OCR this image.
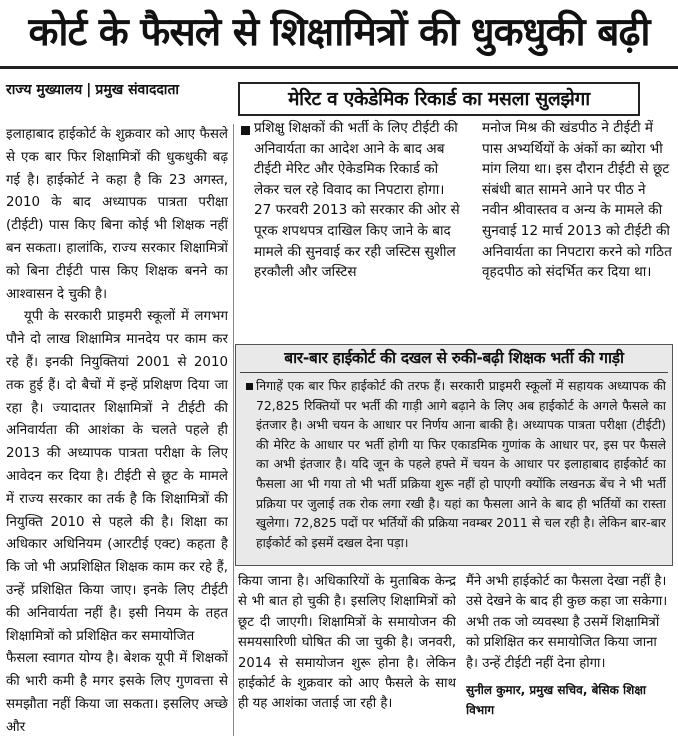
कोर्ट के फैसले से शिक्षामित्रों की धुकधुकी बढ़ी
राज्य मुख्यालय | प्रमुख संवाददाता	मेरिट व एकेडेमिक रिकार्ड का मसला सुलझेगा

इलाहाबाद हाईकोर्ट के शुक्रवार को आए फैसले से एक बार फिर शिक्षामित्रों की धुकधुकी बढ़ गई है। हाईकोर्ट ने कहा है कि 23 अगस्त, 2010 के बाद अध्यापक पात्रता परीक्षा (टीईटी) पास किए बिना कोई भी शिक्षक नहीं बन सकता। हालांकि, राज्य सरकार शिक्षामित्रों को बिना टीईटी पास किए शिक्षक बनने का आश्वासन दे चुकी है।

यूपी के सरकारी प्राइमरी स्कूलों में लगभग पौने दो लाख शिक्षामित्र मानदेय पर काम कर रहे हैं। इनकी नियुक्तियां 2001 से 2010 तक हुई हैं। दो बैचों में इन्हें प्रशिक्षण दिया जा रहा है। ज्यादातर शिक्षामित्रों ने टीईटी की अनिवार्यता की आशंका के चलते पहले ही 2013 की अध्यापक पात्रता परीक्षा के लिए आवेदन कर दिया है। टीईटी से छूट के मामले में राज्य सरकार का तर्क है कि शिक्षामित्रों की नियुक्ति 2010 से पहले की है। शिक्षा का अधिकार अधिनियम (आरटीई एक्ट) कहता है कि जो भी अप्रशिक्षित शिक्षक काम कर रहे हैं, उन्हें प्रशिक्षित किया जाए। इनके लिए टीईटी की अनिवार्यता नहीं है। इसी नियम के तहत शिक्षामित्रों को प्रशिक्षित कर समायोजित

फैसला स्वागत योग्य है। बेशक यूपी में शिक्षकों की भारी कमी है मगर इसके लिए गुणवत्ता से समझौता नहीं किया जा सकता। इसलिए अच्छे और

प्रशिक्षु शिक्षकों की भर्ती के लिए टीईटी की अनिवार्यता का आदेश आने के बाद अब टीईटी मेरिट और ऐकेडमिक रिकार्ड को लेकर चल रहे विवाद का निपटारा होगा। 27 फरवरी 2013 को सरकार की ओर से पूरक शपथपत्र दाखिल किए जाने के बाद मामले की सुनवाई कर रही जस्टिस सुशील हरकौली और जस्टिस
मनोज मिश्र की खंडपीठ ने टीईटी में पास अभ्यर्थियों के अंकों का ब्योरा भी मांग लिया था। इस दौरान टीईटी से छूट संबंधी बात सामने आने पर पीठ ने नवीन श्रीवास्तव व अन्य के मामले की सुनवाई 12 मार्च 2013 को टीईटी की अनिवार्यता का निपटारा करने को गठित वृहदपीठ को संदर्भित कर दिया था।
बार-बार हाईकोर्ट की दखल से रुकी-बढ़ी शिक्षक भर्ती की गाड़ी
निगाहें एक बार फिर हाईकोर्ट की तरफ हैं। सरकारी प्राइमरी स्कूलों में सहायक अध्यापक की 72,825 रिक्तियों पर भर्ती की गाड़ी आगे बढ़ाने के लिए अब हाईकोर्ट के अगले फैसले का इंतजार है। अभी चयन के आधार पर निर्णय आना बाकी है। अध्यापक पात्रता परीक्षा (टीईटी) की मेरिट के आधार पर भर्ती होगी या फिर एकाडमिक गुणांक के आधार पर, इस पर फैसले का अभी इंतजार है। यदि जून के पहले हफ्ते में चयन के आधार पर इलाहाबाद हाईकोर्ट का फैसला आ भी गया तो भी भर्ती प्रक्रिया शुरू नहीं हो पाएगी क्योंकि लखनऊ बेंच ने भी भर्ती प्रक्रिया पर जुलाई तक रोक लगा रखी है। यहां का फैसला आने के बाद ही भर्तियों का रास्ता खुलेगा। 72,825 पदों पर भर्तियों की प्रक्रिया नवम्बर 2011 से चल रही है। लेकिन बार-बार हाईकोर्ट को इसमें दखल देना पड़ा।
किया जाना है। अधिकारियों के मुताबिक केन्द्र से भी बात हो चुकी है। इसलिए शिक्षामित्रों को छूट दी जाएगी। शिक्षामित्रों के समायोजन की समयसारिणी घोषित की जा चुकी है। जनवरी, 2014 से समायोजन शुरू होना है। लेकिन हाईकोर्ट के शुक्रवार को आए फैसले के साथ ही यह आशंका जताई जा रही है।
मैंने अभी हाईकोर्ट का फैसला देखा नहीं है। उसे देखने के बाद ही कुछ कहा जा सकेगा। अभी तक जो व्यवस्था है उसमें शिक्षामित्रों को प्रशिक्षित कर समायोजित किया जाना है। उन्हें टीईटी नहीं देना होगा।
सुनील कुमार, प्रमुख सचिव, बेसिक शिक्षा विभाग
